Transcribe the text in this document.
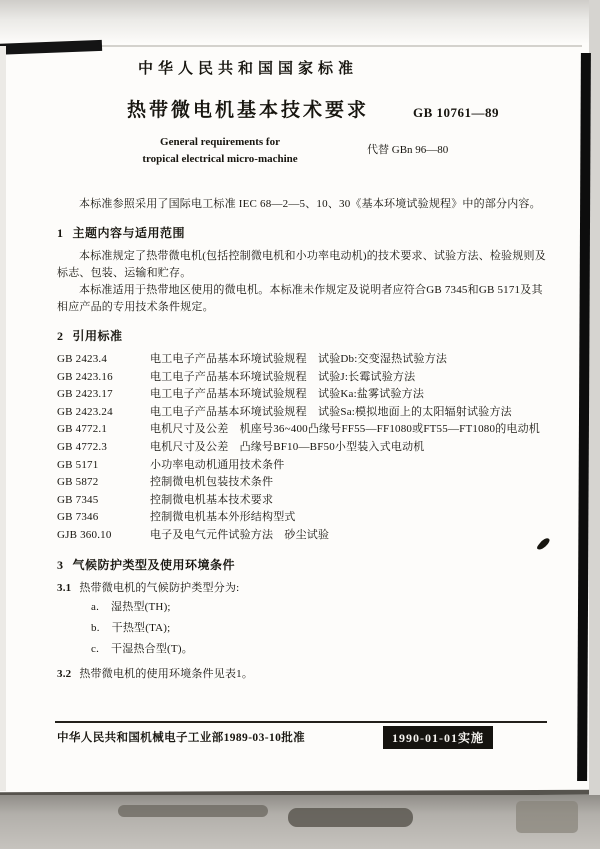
中华人民共和国国家标准
热带微电机基本技术要求	GB 10761—89
General requirements for
tropical electrical micro-machine
代替 GBn 96—80
本标准参照采用了国际电工标准 IEC 68—2—5、10、30《基本环境试验规程》中的部分内容。
1 主题内容与适用范围
本标准规定了热带微电机(包括控制微电机和小功率电动机)的技术要求、试验方法、检验规则及标志、包装、运输和贮存。
本标准适用于热带地区使用的微电机。本标准未作规定及说明者应符合GB 7345和GB 5171及其相应产品的专用技术条件规定。
2 引用标准
GB 2423.4	电工电子产品基本环境试验规程　试验Db:交变湿热试验方法
GB 2423.16	电工电子产品基本环境试验规程　试验J:长霉试验方法
GB 2423.17	电工电子产品基本环境试验规程　试验Ka:盐雾试验方法
GB 2423.24	电工电子产品基本环境试验规程　试验Sa:模拟地面上的太阳辐射试验方法
GB 4772.1	电机尺寸及公差　机座号36~400凸缘号FF55—FF1080或FT55—FT1080的电动机
GB 4772.3	电机尺寸及公差　凸缘号BF10—BF50小型装入式电动机
GB 5171	小功率电动机通用技术条件
GB 5872	控制微电机包装技术条件
GB 7345	控制微电机基本技术要求
GB 7346	控制微电机基本外形结构型式
GJB 360.10	电子及电气元件试验方法　砂尘试验
3 气候防护类型及使用环境条件
3.1 热带微电机的气候防护类型分为:
a. 湿热型(TH);
b. 干热型(TA);
c. 干湿热合型(T)。
3.2 热带微电机的使用环境条件见表1。
中华人民共和国机械电子工业部1989-03-10批准	1990-01-01实施
